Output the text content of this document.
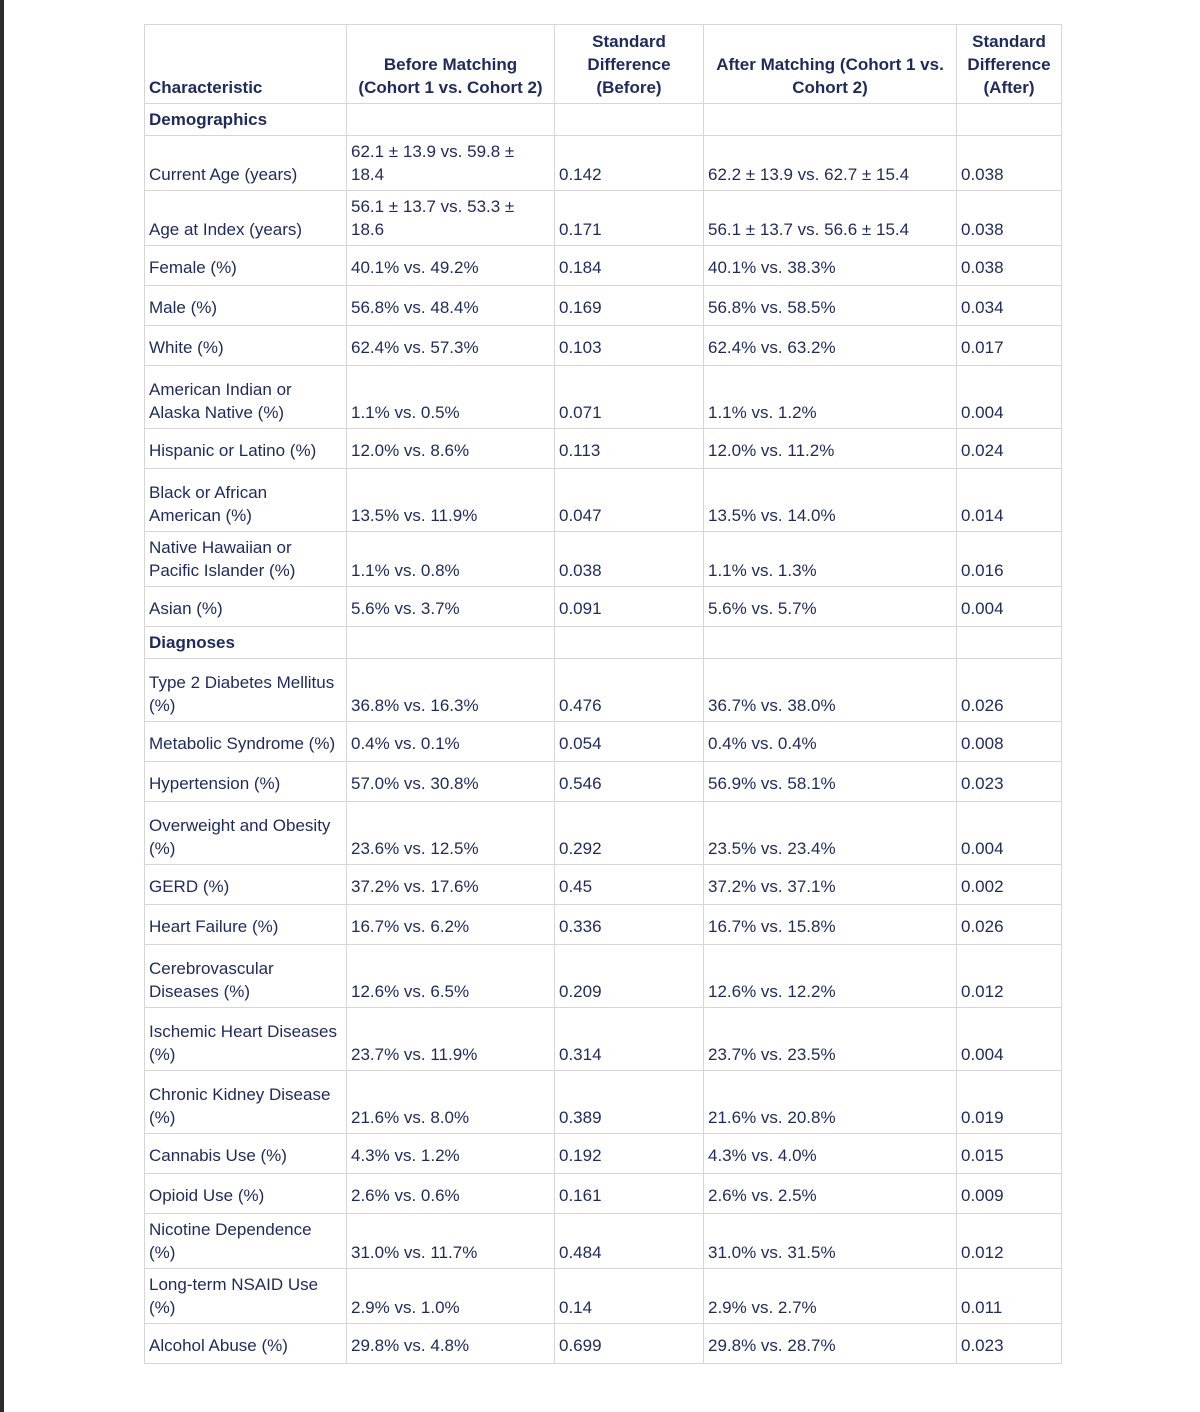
Characteristic	Before Matching (Cohort 1 vs. Cohort 2)	Standard Difference (Before)	After Matching (Cohort 1 vs. Cohort 2)	Standard Difference (After)
Demographics				
Current Age (years)	62.1 ± 13.9 vs. 59.8 ± 18.4	0.142	62.2 ± 13.9 vs. 62.7 ± 15.4	0.038
Age at Index (years)	56.1 ± 13.7 vs. 53.3 ± 18.6	0.171	56.1 ± 13.7 vs. 56.6 ± 15.4	0.038
Female (%)	40.1% vs. 49.2%	0.184	40.1% vs. 38.3%	0.038
Male (%)	56.8% vs. 48.4%	0.169	56.8% vs. 58.5%	0.034
White (%)	62.4% vs. 57.3%	0.103	62.4% vs. 63.2%	0.017
American Indian or Alaska Native (%)	1.1% vs. 0.5%	0.071	1.1% vs. 1.2%	0.004
Hispanic or Latino (%)	12.0% vs. 8.6%	0.113	12.0% vs. 11.2%	0.024
Black or African American (%)	13.5% vs. 11.9%	0.047	13.5% vs. 14.0%	0.014
Native Hawaiian or Pacific Islander (%)	1.1% vs. 0.8%	0.038	1.1% vs. 1.3%	0.016
Asian (%)	5.6% vs. 3.7%	0.091	5.6% vs. 5.7%	0.004
Diagnoses				
Type 2 Diabetes Mellitus (%)	36.8% vs. 16.3%	0.476	36.7% vs. 38.0%	0.026
Metabolic Syndrome (%)	0.4% vs. 0.1%	0.054	0.4% vs. 0.4%	0.008
Hypertension (%)	57.0% vs. 30.8%	0.546	56.9% vs. 58.1%	0.023
Overweight and Obesity (%)	23.6% vs. 12.5%	0.292	23.5% vs. 23.4%	0.004
GERD (%)	37.2% vs. 17.6%	0.45	37.2% vs. 37.1%	0.002
Heart Failure (%)	16.7% vs. 6.2%	0.336	16.7% vs. 15.8%	0.026
Cerebrovascular Diseases (%)	12.6% vs. 6.5%	0.209	12.6% vs. 12.2%	0.012
Ischemic Heart Diseases (%)	23.7% vs. 11.9%	0.314	23.7% vs. 23.5%	0.004
Chronic Kidney Disease (%)	21.6% vs. 8.0%	0.389	21.6% vs. 20.8%	0.019
Cannabis Use (%)	4.3% vs. 1.2%	0.192	4.3% vs. 4.0%	0.015
Opioid Use (%)	2.6% vs. 0.6%	0.161	2.6% vs. 2.5%	0.009
Nicotine Dependence (%)	31.0% vs. 11.7%	0.484	31.0% vs. 31.5%	0.012
Long-term NSAID Use (%)	2.9% vs. 1.0%	0.14	2.9% vs. 2.7%	0.011
Alcohol Abuse (%)	29.8% vs. 4.8%	0.699	29.8% vs. 28.7%	0.023
